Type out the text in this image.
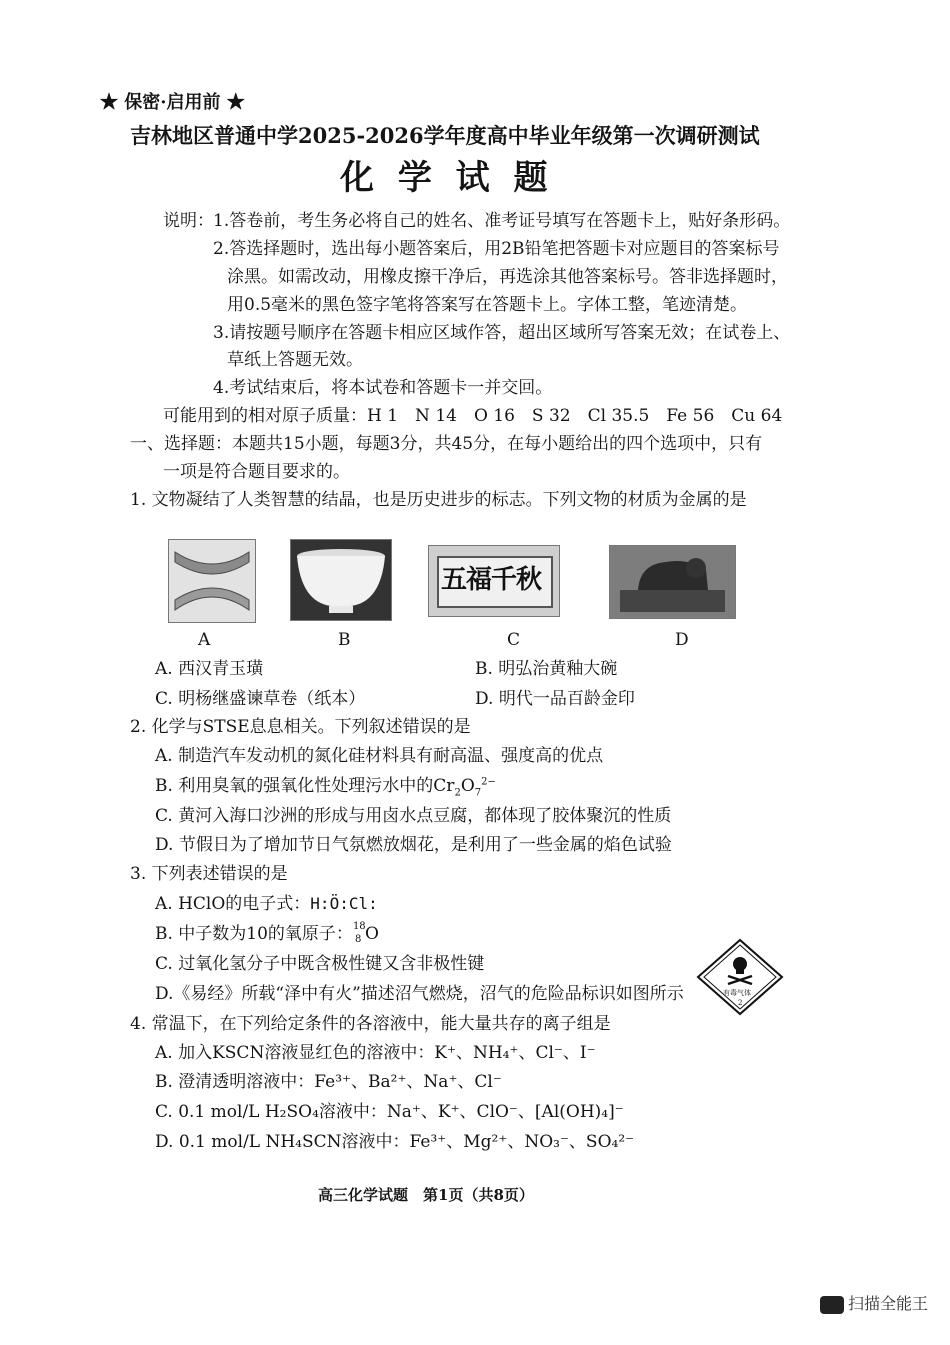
★ 保密·启用前 ★
吉林地区普通中学2025-2026学年度高中毕业年级第一次调研测试
化 学 试 题
说明： 1.答卷前，考生务必将自己的姓名、准考证号填写在答题卡上，贴好条形码。
2.答选择题时，选出每小题答案后，用2B铅笔把答题卡对应题目的答案标号
涂黑。如需改动，用橡皮擦干净后，再选涂其他答案标号。答非选择题时，
用0.5毫米的黑色签字笔将答案写在答题卡上。字体工整，笔迹清楚。
3.请按题号顺序在答题卡相应区域作答，超出区域所写答案无效；在试卷上、
草纸上答题无效。
4.考试结束后，将本试卷和答题卡一并交回。
可能用到的相对原子质量：H 1　N 14　O 16　S 32　Cl 35.5　Fe 56　Cu 64
一、选择题：本题共15小题，每题3分，共45分，在每小题给出的四个选项中，只有
一项是符合题目要求的。
1. 文物凝结了人类智慧的结晶，也是历史进步的标志。下列文物的材质为金属的是
五福千秋
A	B	C	D
A. 西汉青玉璜	B. 明弘治黄釉大碗
C. 明杨继盛谏草卷（纸本）	D. 明代一品百龄金印
2. 化学与STSE息息相关。下列叙述错误的是
A. 制造汽车发动机的氮化硅材料具有耐高温、强度高的优点
B. 利用臭氧的强氧化性处理污水中的$Cr_2O_7^{2-}$
C. 黄河入海口沙洲的形成与用卤水点豆腐，都体现了胶体聚沉的性质
D. 节假日为了增加节日气氛燃放烟花，是利用了一些金属的焰色试验
3. 下列表述错误的是
A. HClO的电子式：H:Ö:Cl:
B. 中子数为10的氧原子： 18
8 O
C. 过氧化氢分子中既含极性键又含非极性键
D.《易经》所载“泽中有火”描述沼气燃烧，沼气的危险品标识如图所示	有毒气体
2
4. 常温下，在下列给定条件的各溶液中，能大量共存的离子组是
A. 加入KSCN溶液显红色的溶液中：K⁺、NH₄⁺、Cl⁻、I⁻
B. 澄清透明溶液中：Fe³⁺、Ba²⁺、Na⁺、Cl⁻
C. 0.1 mol/L H₂SO₄溶液中：Na⁺、K⁺、ClO⁻、[Al(OH)₄]⁻
D. 0.1 mol/L NH₄SCN溶液中：Fe³⁺、Mg²⁺、NO₃⁻、SO₄²⁻
高三化学试题　第1页（共8页）
扫描全能王
